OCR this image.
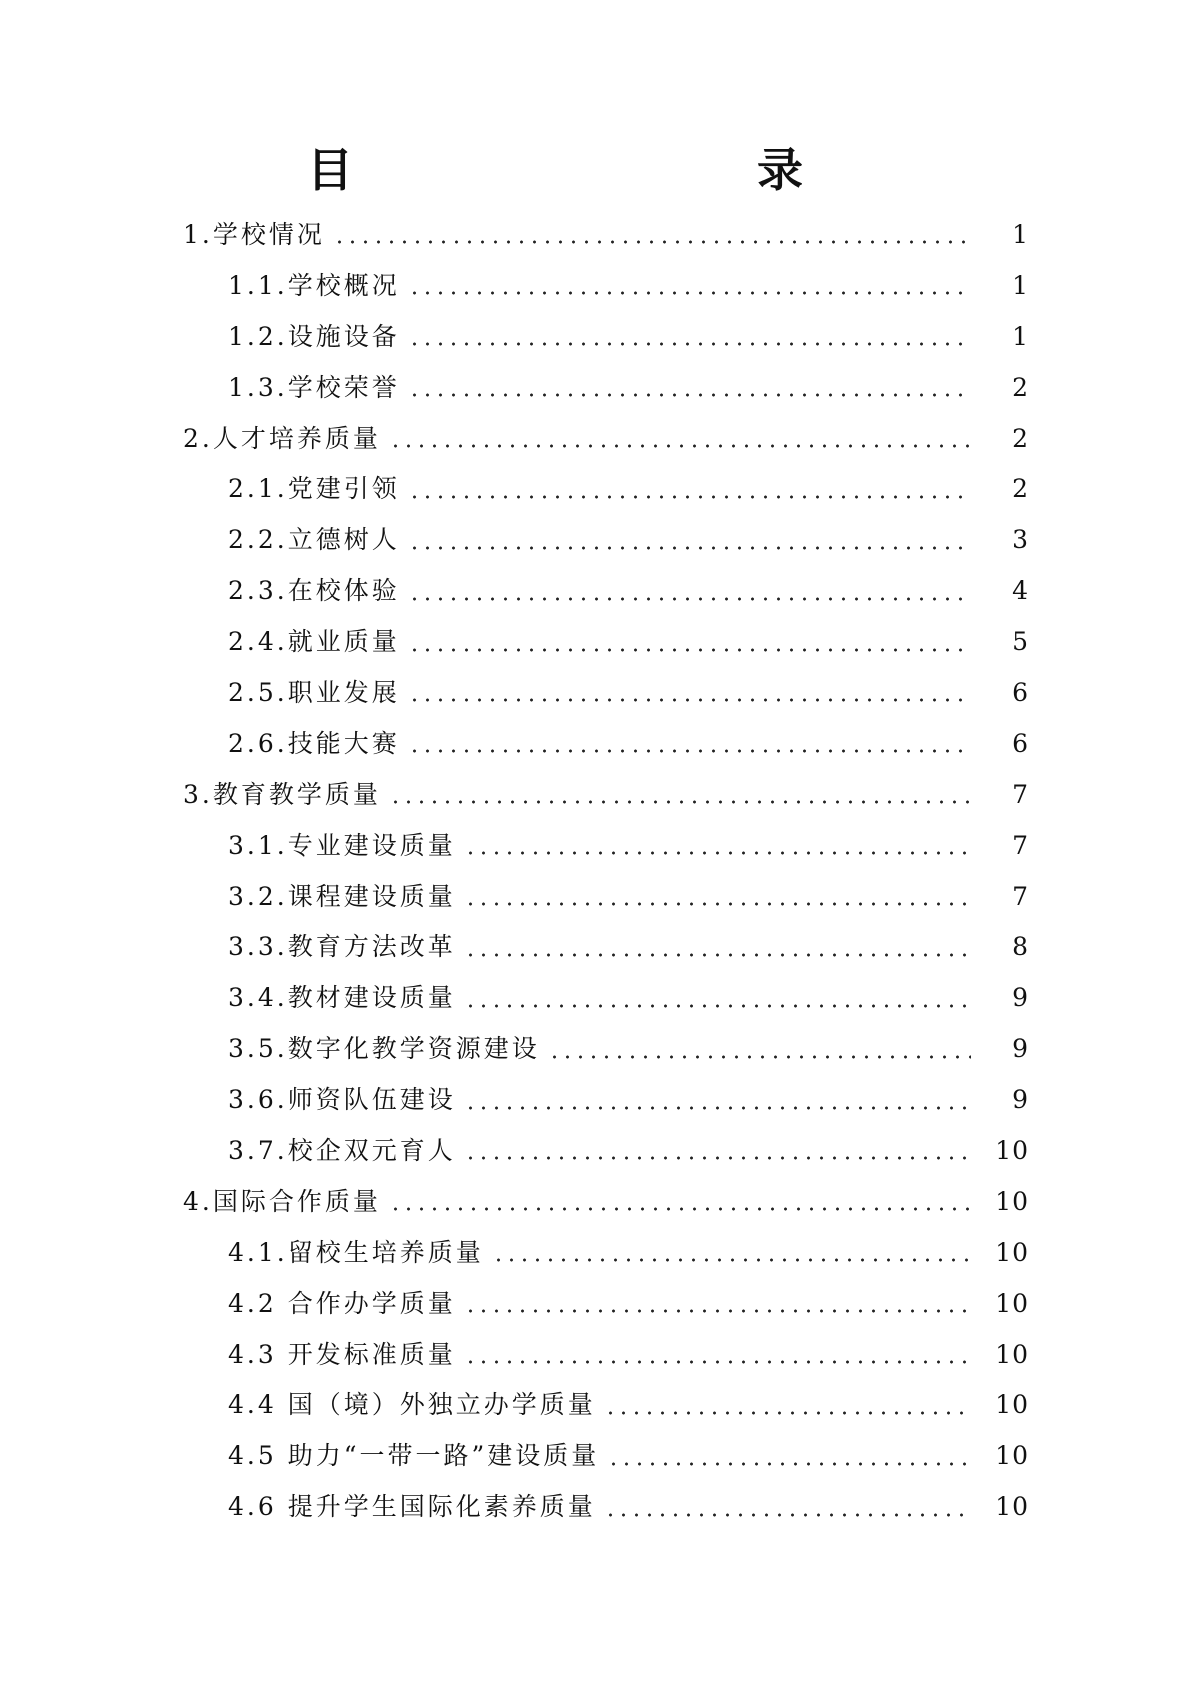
目　　录
1. 学校情况	1
1.1. 学校概况	1
1.2. 设施设备	1
1.3. 学校荣誉	2
2. 人才培养质量	2
2.1. 党建引领	2
2.2. 立德树人	3
2.3. 在校体验	4
2.4. 就业质量	5
2.5. 职业发展	6
2.6. 技能大赛	6
3. 教育教学质量	7
3.1. 专业建设质量	7
3.2. 课程建设质量	7
3.3. 教育方法改革	8
3.4. 教材建设质量	9
3.5. 数字化教学资源建设	9
3.6. 师资队伍建设	9
3.7. 校企双元育人	10
4. 国际合作质量	10
4.1. 留校生培养质量	10
4.2 合作办学质量	10
4.3 开发标准质量	10
4.4 国（境）外独立办学质量	10
4.5 助力“一带一路”建设质量	10
4.6 提升学生国际化素养质量	10
